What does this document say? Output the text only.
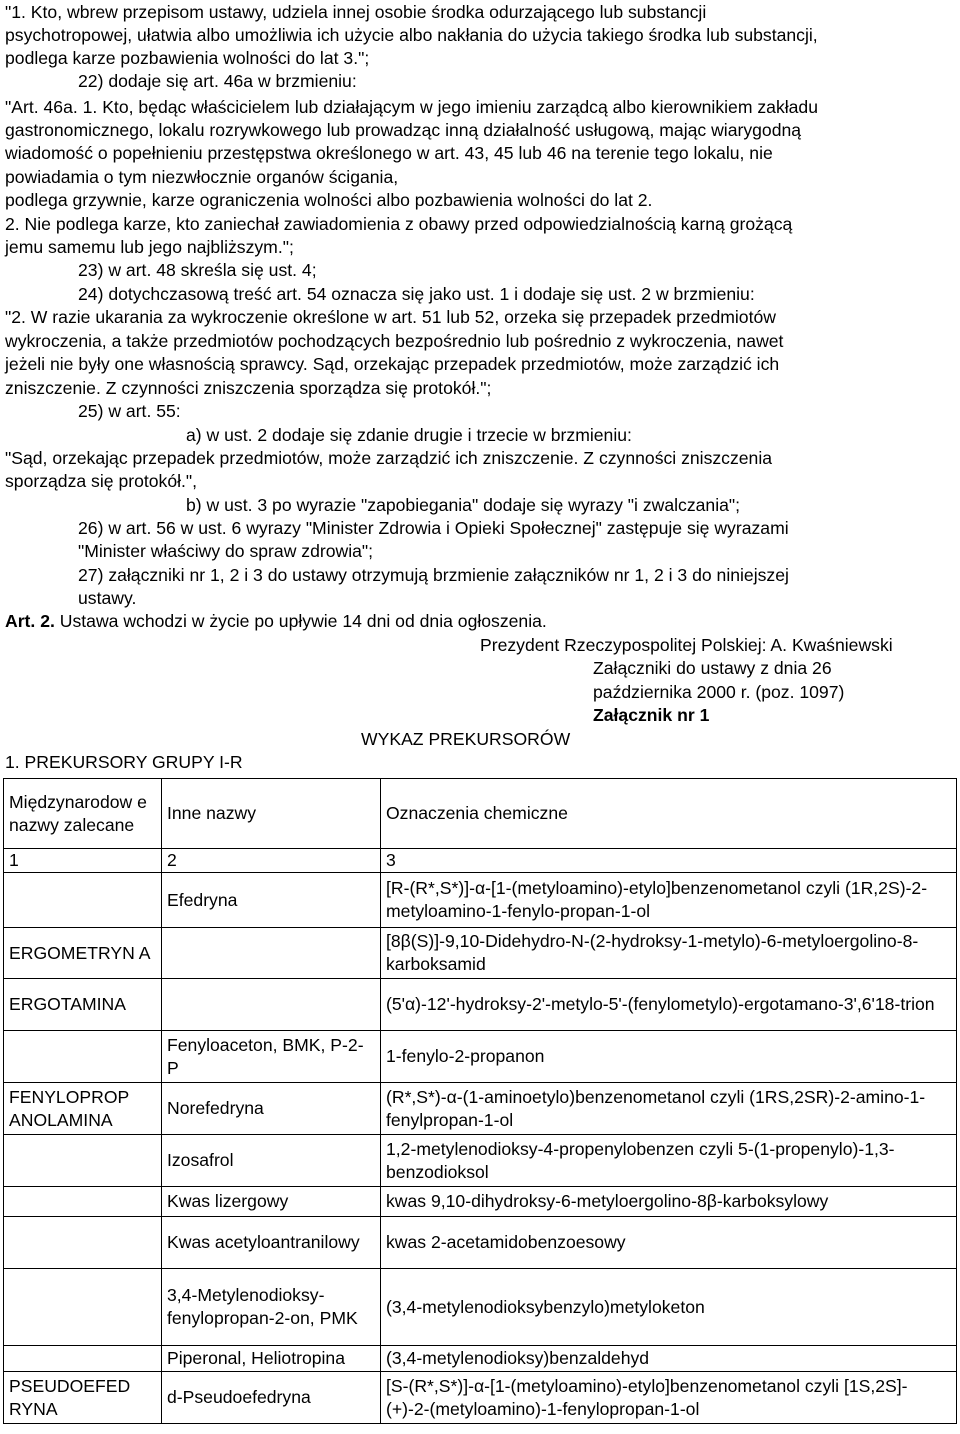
"1. Kto, wbrew przepisom ustawy, udziela innej osobie środka odurzającego lub substancji
psychotropowej, ułatwia albo umożliwia ich użycie albo nakłania do użycia takiego środka lub substancji,
podlega karze pozbawienia wolności do lat 3.";
22) dodaje się art. 46a w brzmieniu:
"Art. 46a. 1. Kto, będąc właścicielem lub działającym w jego imieniu zarządcą albo kierownikiem zakładu
gastronomicznego, lokalu rozrywkowego lub prowadząc inną działalność usługową, mając wiarygodną
wiadomość o popełnieniu przestępstwa określonego w art. 43, 45 lub 46 na terenie tego lokalu, nie
powiadamia o tym niezwłocznie organów ścigania,
podlega grzywnie, karze ograniczenia wolności albo pozbawienia wolności do lat 2.
2. Nie podlega karze, kto zaniechał zawiadomienia z obawy przed odpowiedzialnością karną grożącą
jemu samemu lub jego najbliższym.";
23) w art. 48 skreśla się ust. 4;
24) dotychczasową treść art. 54 oznacza się jako ust. 1 i dodaje się ust. 2 w brzmieniu:
"2. W razie ukarania za wykroczenie określone w art. 51 lub 52, orzeka się przepadek przedmiotów
wykroczenia, a także przedmiotów pochodzących bezpośrednio lub pośrednio z wykroczenia, nawet
jeżeli nie były one własnością sprawcy. Sąd, orzekając przepadek przedmiotów, może zarządzić ich
zniszczenie. Z czynności zniszczenia sporządza się protokół.";
25) w art. 55:
a) w ust. 2 dodaje się zdanie drugie i trzecie w brzmieniu:
"Sąd, orzekając przepadek przedmiotów, może zarządzić ich zniszczenie. Z czynności zniszczenia
sporządza się protokół.",
b) w ust. 3 po wyrazie "zapobiegania" dodaje się wyrazy "i zwalczania";
26) w art. 56 w ust. 6 wyrazy "Minister Zdrowia i Opieki Społecznej" zastępuje się wyrazami
"Minister właściwy do spraw zdrowia";
27) załączniki nr 1, 2 i 3 do ustawy otrzymują brzmienie załączników nr 1, 2 i 3 do niniejszej
ustawy.
Art. 2. Ustawa wchodzi w życie po upływie 14 dni od dnia ogłoszenia.
Prezydent Rzeczypospolitej Polskiej: A. Kwaśniewski
Załączniki do ustawy z dnia 26
października 2000 r. (poz. 1097)
Załącznik nr 1
WYKAZ PREKURSORÓW
1. PREKURSORY GRUPY I-R
Międzynarodow e nazwy zalecane	Inne nazwy	Oznaczenia chemiczne
1	2	3
	Efedryna	[R-(R*,S*)]-α-[1-(metyloamino)-etylo]benzenometanol czyli (1R,2S)-2-metyloamino-1-fenylo-propan-1-ol
ERGOMETRYN A		[8β(S)]-9,10-Didehydro-N-(2-hydroksy-1-metylo)-6-metyloergolino-8-karboksamid
ERGOTAMINA		(5'α)-12'-hydroksy-2'-metylo-5'-(fenylometylo)-ergotamano-3',6'18-trion
	Fenyloaceton, BMK, P-2-P	1-fenylo-2-propanon
FENYLOPROP ANOLAMINA	Norefedryna	(R*,S*)-α-(1-aminoetylo)benzenometanol czyli (1RS,2SR)-2-amino-1-fenylpropan-1-ol
	Izosafrol	1,2-metylenodioksy-4-propenylobenzen czyli 5-(1-propenylo)-1,3-benzodioksol
	Kwas lizergowy	kwas 9,10-dihydroksy-6-metyloergolino-8β-karboksylowy
	Kwas acetyloantranilowy	kwas 2-acetamidobenzoesowy
	3,4-Metylenodioksy-fenylopropan-2-on, PMK	(3,4-metylenodioksybenzylo)metyloketon
	Piperonal, Heliotropina	(3,4-metylenodioksy)benzaldehyd
PSEUDOEFED RYNA	d-Pseudoefedryna	[S-(R*,S*)]-α-[1-(metyloamino)-etylo]benzenometanol czyli [1S,2S]-(+)-2-(metyloamino)-1-fenylopropan-1-ol
